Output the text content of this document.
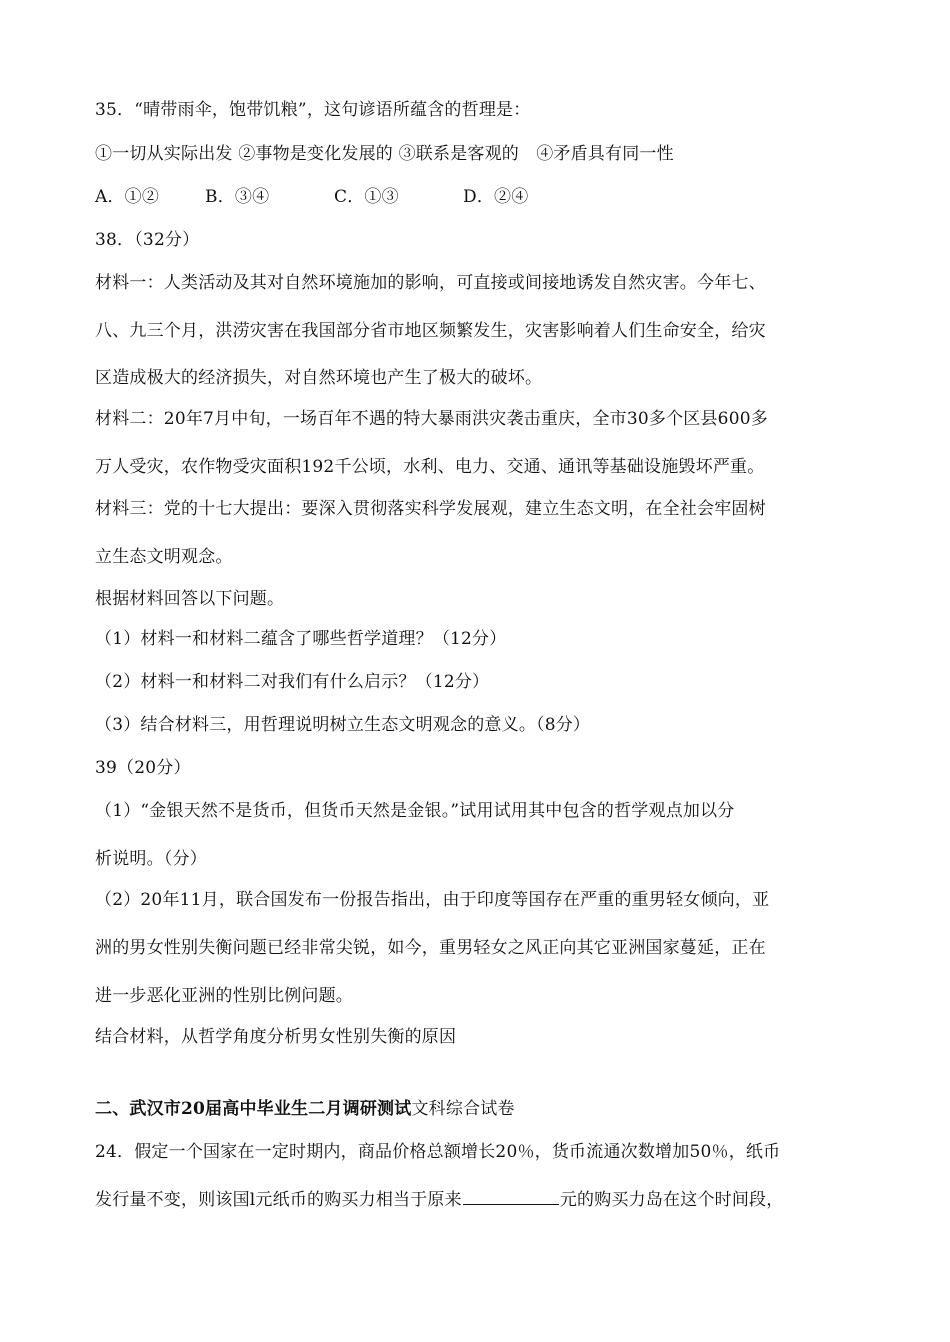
35．“晴带雨伞，饱带饥粮”，这句谚语所蕴含的哲理是：
①一切从实际出发 ②事物是变化发展的 ③联系是客观的　④矛盾具有同一性
A．①②	B．③④	C．①③	D．②④
38．（32分）
材料一：人类活动及其对自然环境施加的影响，可直接或间接地诱发自然灾害。今年七、
八、九三个月，洪涝灾害在我国部分省市地区频繁发生，灾害影响着人们生命安全，给灾
区造成极大的经济损失，对自然环境也产生了极大的破坏。
材料二：20年7月中旬，一场百年不遇的特大暴雨洪灾袭击重庆，全市30多个区县600多
万人受灾，农作物受灾面积192千公顷，水利、电力、交通、通讯等基础设施毁坏严重。
材料三：党的十七大提出：要深入贯彻落实科学发展观，建立生态文明，在全社会牢固树
立生态文明观念。
根据材料回答以下问题。
（1）材料一和材料二蕴含了哪些哲学道理？（12分）
（2）材料一和材料二对我们有什么启示？（12分）
（3）结合材料三，用哲理说明树立生态文明观念的意义。（8分）
39（20分）
（1）“金银天然不是货币，但货币天然是金银。”试用试用其中包含的哲学观点加以分
析说明。（分）
（2）20年11月，联合国发布一份报告指出，由于印度等国存在严重的重男轻女倾向，亚
洲的男女性别失衡问题已经非常尖锐，如今，重男轻女之风正向其它亚洲国家蔓延，正在
进一步恶化亚洲的性别比例问题。
结合材料，从哲学角度分析男女性别失衡的原因
二、武汉市20届高中毕业生二月调研测试文科综合试卷
24．假定一个国家在一定时期内，商品价格总额增长20％，货币流通次数增加50％，纸币
发行量不变，则该国l元纸币的购买力相当于原来	元的购买力岛在这个时间段，
